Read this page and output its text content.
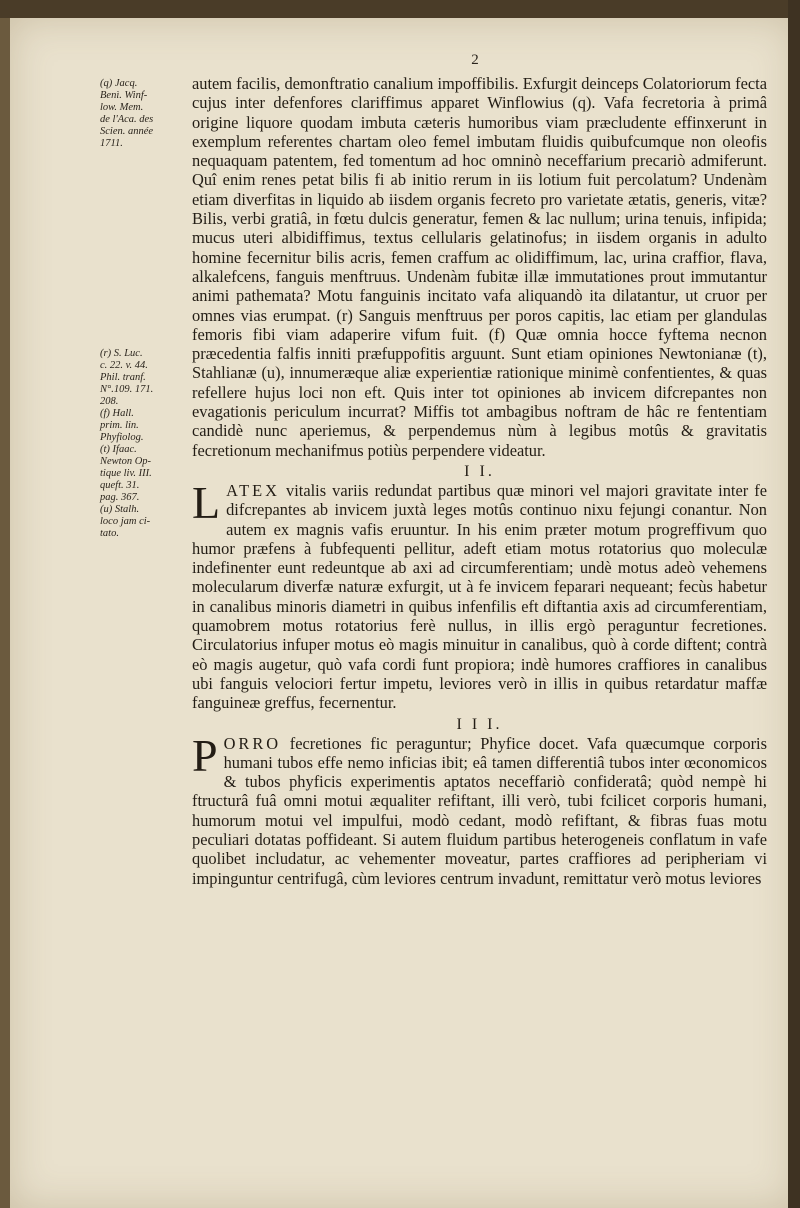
2

(q) Jacq.
Benì. Winf-
low. Mem.
de l'Aca. des
Scien. année
1711.

(r) S. Luc.
c. 22. v. 44.
Phil. tranf.
N°.109. 171.
208.
(f) Hall.
prim. lin.
Phyfiolog.
(t) Ifaac.
Newton Op-
tique liv. III.
queft. 31.
pag. 367.
(u) Stalh.
loco jam ci-
tato.

autem facilis, demonftratio canalium impoffibilis. Exfurgit deinceps Colatoriorum fecta cujus inter defenfores clariffimus apparet Winflowius (q). Vafa fecretoria à primâ origine liquore quodam imbuta cæteris humoribus viam præcludente effinxerunt in exemplum referentes chartam oleo femel imbutam fluidis quibufcumque non oleofis nequaquam patentem, fed tomentum ad hoc omninò neceffarium precariò admiferunt. Quî enim renes petat bilis fi ab initio rerum in iis lotium fuit percolatum? Undenàm etiam diverfitas in liquido ab iisdem organis fecreto pro varietate ætatis, generis, vitæ? Bilis, verbi gratiâ, in fœtu dulcis generatur, femen & lac nullum; urina tenuis, infipida; mucus uteri albidiffimus, textus cellularis gelatinofus; in iisdem organis in adulto homine fecernitur bilis acris, femen craffum ac olidiffimum, lac, urina craffior, flava, alkalefcens, fanguis menftruus. Undenàm fubitæ illæ immutationes prout immutantur animi pathemata? Motu fanguinis incitato vafa aliquandò ita dilatantur, ut cruor per omnes vias erumpat. (r) Sanguis menftruus per poros capitis, lac etiam per glandulas femoris fibi viam adaperire vifum fuit. (f) Quæ omnia hocce fyftema necnon præcedentia falfis inniti præfuppofitis arguunt. Sunt etiam opiniones Newtonianæ (t), Stahlianæ (u), innumeræque aliæ experientiæ rationique minimè confentientes, & quas refellere hujus loci non eft. Quis inter tot opiniones ab invicem difcrepantes non evagationis periculum incurrat? Miffis tot ambagibus noftram de hâc re fententiam candidè nunc aperiemus, & perpendemus nùm à legibus motûs & gravitatis fecretionum mechanifmus potiùs perpendere videatur.

I I.

LATEX vitalis variis redundat partibus quæ minori vel majori gravitate inter fe difcrepantes ab invicem juxtà leges motûs continuo nixu fejungi conantur. Non autem ex magnis vafis eruuntur. In his enim præter motum progreffivum quo humor præfens à fubfequenti pellitur, adeft etiam motus rotatorius quo moleculæ indefinenter eunt redeuntque ab axi ad circumferentiam; undè motus adeò vehemens molecularum diverfæ naturæ exfurgit, ut à fe invicem feparari nequeant; fecùs habetur in canalibus minoris diametri in quibus infenfilis eft diftantia axis ad circumferentiam, quamobrem motus rotatorius ferè nullus, in illis ergò peraguntur fecretiones. Circulatorius infuper motus eò magis minuitur in canalibus, quò à corde diftent; contrà eò magis augetur, quò vafa cordi funt propiora; indè humores craffiores in canalibus ubi fanguis velociori fertur impetu, leviores verò in illis in quibus retardatur maffæ fanguineæ greffus, fecernentur.

I I I.

PORRO fecretiones fic peraguntur; Phyfice docet. Vafa quæcumque corporis humani tubos effe nemo inficias ibit; eâ tamen differentiâ tubos inter œconomicos & tubos phyficis experimentis aptatos neceffariò confideratâ; quòd nempè hi ftructurâ fuâ omni motui æqualiter refiftant, illi verò, tubi fcilicet corporis humani, humorum motui vel impulfui, modò cedant, modò refiftant, & fibras fuas motu peculiari dotatas poffideant. Si autem fluidum partibus heterogeneis conflatum in vafe quolibet includatur, ac vehementer moveatur, partes craffiores ad peripheriam vi impinguntur centrifugâ, cùm leviores centrum invadunt, remittatur verò motus leviores
